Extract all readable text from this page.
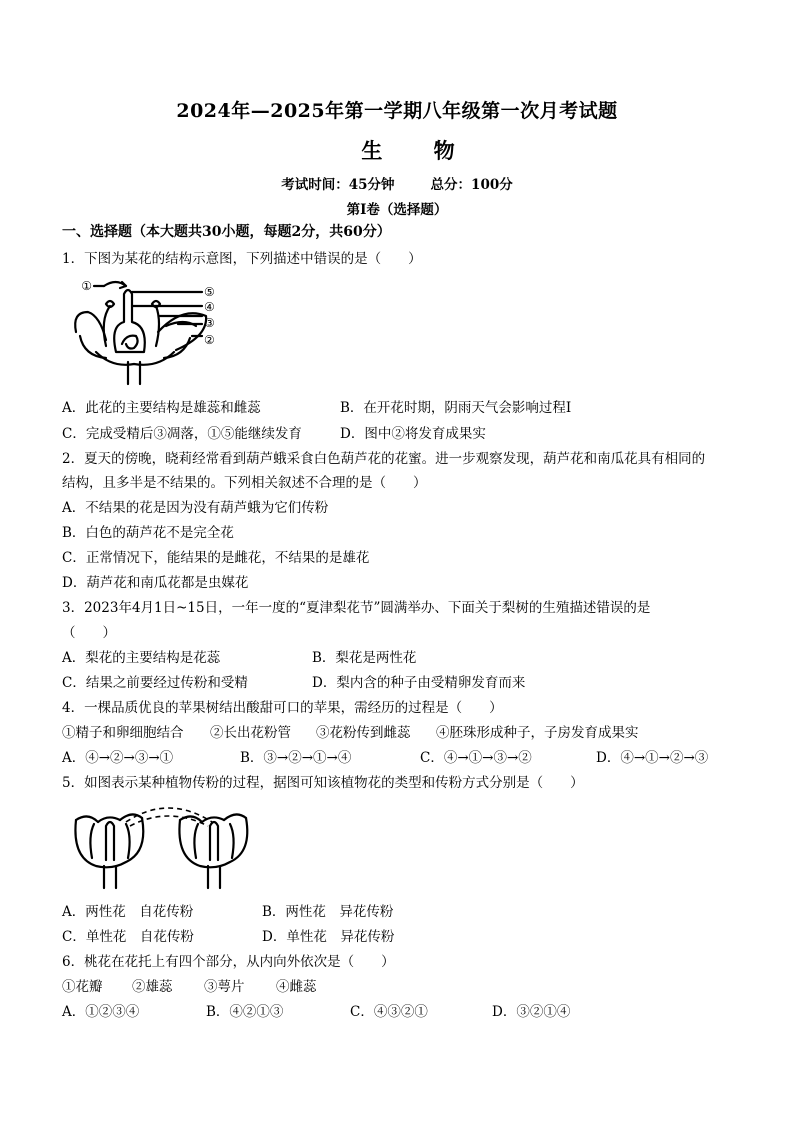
2024年—2025年第一学期八年级第一次月考试题
生 物
考试时间：45分钟	总分：100分
第Ⅰ卷（选择题）
一、选择题（本大题共30小题，每题2分，共60分）
1．下图为某花的结构示意图，下列描述中错误的是（　　）
①	⑤
④
③
②
A．此花的主要结构是雄蕊和雌蕊	B．在开花时期，阴雨天气会影响过程Ⅰ
C．完成受精后③凋落，①⑤能继续发育	D．图中②将发育成果实
2．夏天的傍晚，晓莉经常看到葫芦蛾采食白色葫芦花的花蜜。进一步观察发现，葫芦花和南瓜花具有相同的
结构，且多半是不结果的。下列相关叙述不合理的是（　　）
A．不结果的花是因为没有葫芦蛾为它们传粉
B．白色的葫芦花不是完全花
C．正常情况下，能结果的是雌花，不结果的是雄花
D．葫芦花和南瓜花都是虫媒花
3．2023年4月1日~15日，一年一度的“夏津梨花节”圆满举办、下面关于梨树的生殖描述错误的是
（　　）
A．梨花的主要结构是花蕊	B．梨花是两性花
C．结果之前要经过传粉和受精	D．梨内含的种子由受精卵发育而来
4．一棵品质优良的苹果树结出酸甜可口的苹果，需经历的过程是（　　）
①精子和卵细胞结合 ②长出花粉管 ③花粉传到雌蕊 ④胚珠形成种子，子房发育成果实
A．④→②→③→①	B．③→②→①→④	C．④→①→③→②	D．④→①→②→③
5．如图表示某种植物传粉的过程，据图可知该植物花的类型和传粉方式分别是（　　）
A．两性花　自花传粉	B．两性花　异花传粉
C．单性花　自花传粉	D．单性花　异花传粉
6．桃花在花托上有四个部分，从内向外依次是（　　）
①花瓣 ②雄蕊 ③萼片 ④雌蕊
A．①②③④	B．④②①③	C．④③②①	D．③②①④
